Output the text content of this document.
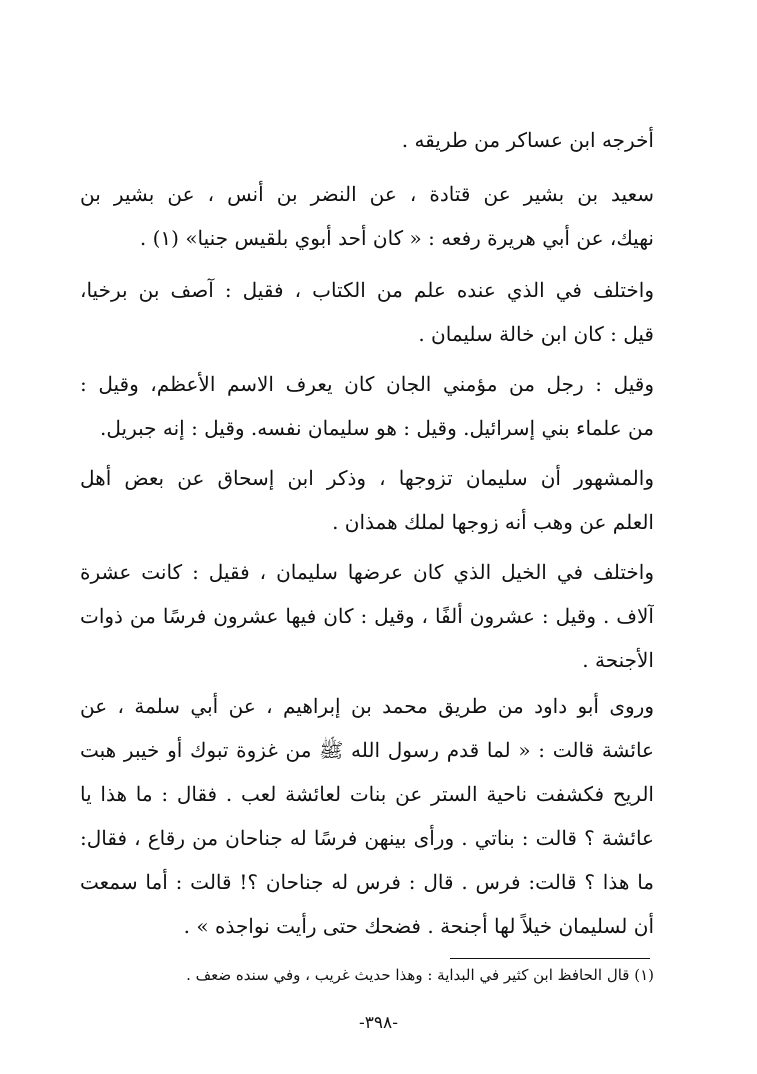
أخرجه ابن عساكر من طريقه .
سعيد بن بشير عن قتادة ، عن النضر بن أنس ، عن بشير بن
نهيك، عن أبي هريرة رفعه : « كان أحد أبوي بلقيس جنيا» (١) .
واختلف في الذي عنده علم من الكتاب ، فقيل : آصف بن برخيا،
قيل : كان ابن خالة سليمان .
وقيل : رجل من مؤمني الجان كان يعرف الاسم الأعظم، وقيل :
من علماء بني إسرائيل. وقيل : هو سليمان نفسه. وقيل : إنه جبريل.
والمشهور أن سليمان تزوجها ، وذكر ابن إسحاق عن بعض أهل
العلم عن وهب أنه زوجها لملك همذان .
واختلف في الخيل الذي كان عرضها سليمان ، فقيل : كانت عشرة
آلاف . وقيل : عشرون ألفًا ، وقيل : كان فيها عشرون فرسًا من ذوات
الأجنحة .
وروى أبو داود من طريق محمد بن إبراهيم ، عن أبي سلمة ، عن
عائشة قالت : « لما قدم رسول الله ﷺ من غزوة تبوك أو خيبر هبت
الريح فكشفت ناحية الستر عن بنات لعائشة لعب . فقال : ما هذا يا
عائشة ؟ قالت : بناتي . ورأى بينهن فرسًا له جناحان من رقاع ، فقال:
ما هذا ؟ قالت: فرس . قال : فرس له جناحان ؟! قالت : أما سمعت
أن لسليمان خيلاً لها أجنحة . فضحك حتى رأيت نواجذه » .
(١) قال الحافظ ابن كثير في البداية : وهذا حديث غريب ، وفي سنده ضعف .
-٣٩٨-
